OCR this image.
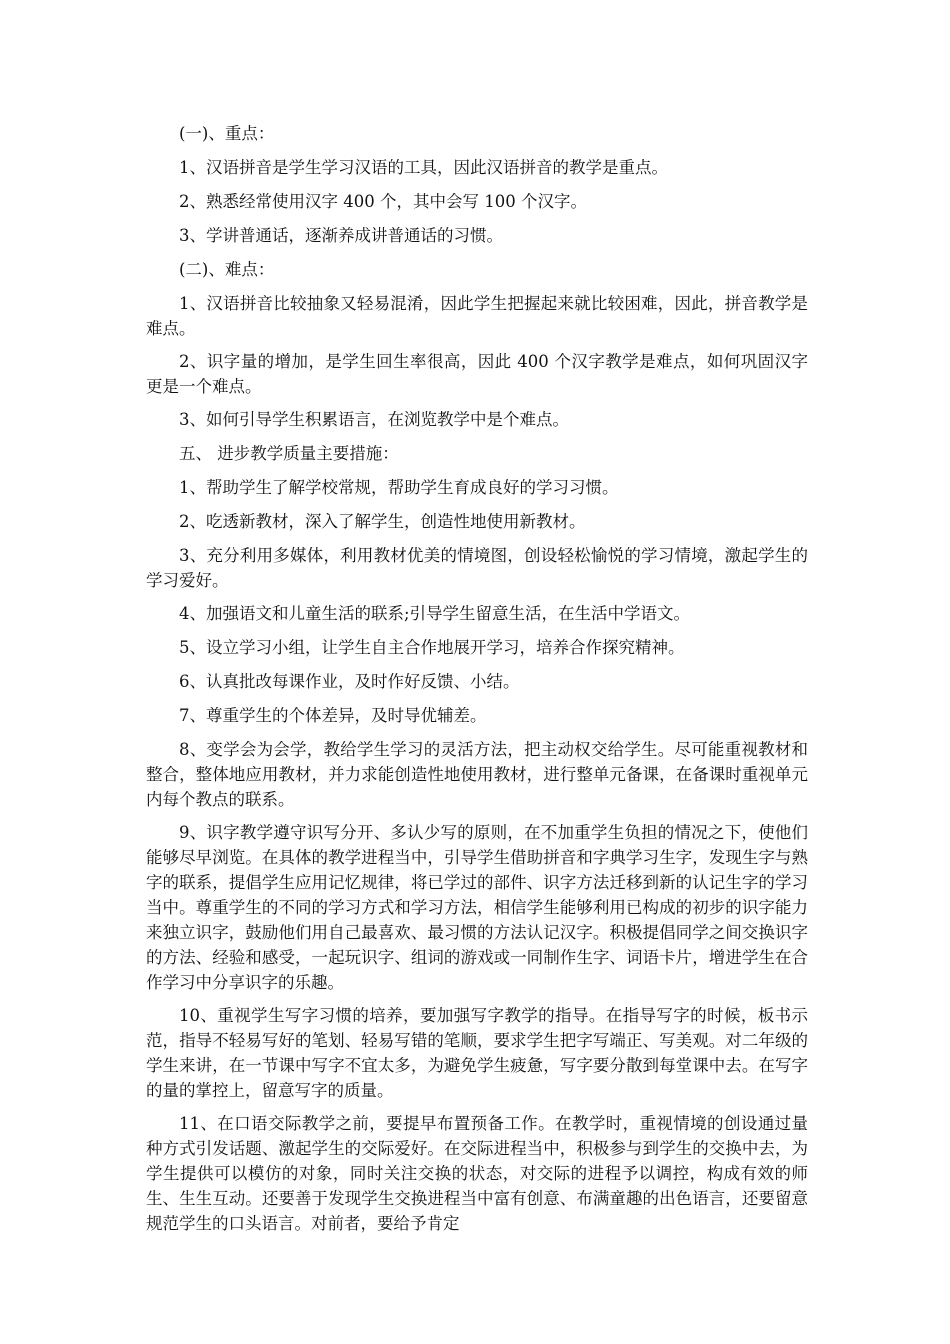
(一)、重点：

1、汉语拼音是学生学习汉语的工具，因此汉语拼音的教学是重点。

2、熟悉经常使用汉字 400 个，其中会写 100 个汉字。

3、学讲普通话，逐渐养成讲普通话的习惯。

(二)、难点：

1、汉语拼音比较抽象又轻易混淆，因此学生把握起来就比较困难，因此，拼音教学是难点。

2、识字量的增加，是学生回生率很高，因此 400 个汉字教学是难点，如何巩固汉字更是一个难点。

3、如何引导学生积累语言，在浏览教学中是个难点。

五、 进步教学质量主要措施：

1、帮助学生了解学校常规，帮助学生育成良好的学习习惯。

2、吃透新教材，深入了解学生，创造性地使用新教材。

3、充分利用多媒体，利用教材优美的情境图，创设轻松愉悦的学习情境，激起学生的学习爱好。

4、加强语文和儿童生活的联系;引导学生留意生活，在生活中学语文。

5、设立学习小组，让学生自主合作地展开学习，培养合作探究精神。

6、认真批改每课作业，及时作好反馈、小结。

7、尊重学生的个体差异，及时导优辅差。

8、变学会为会学，教给学生学习的灵活方法，把主动权交给学生。尽可能重视教材和整合，整体地应用教材，并力求能创造性地使用教材，进行整单元备课，在备课时重视单元内每个教点的联系。

9、识字教学遵守识写分开、多认少写的原则，在不加重学生负担的情况之下，使他们能够尽早浏览。在具体的教学进程当中，引导学生借助拼音和字典学习生字，发现生字与熟字的联系，提倡学生应用记忆规律，将已学过的部件、识字方法迁移到新的认记生字的学习当中。尊重学生的不同的学习方式和学习方法，相信学生能够利用已构成的初步的识字能力来独立识字，鼓励他们用自己最喜欢、最习惯的方法认记汉字。积极提倡同学之间交换识字的方法、经验和感受，一起玩识字、组词的游戏或一同制作生字、词语卡片，增进学生在合作学习中分享识字的乐趣。

10、重视学生写字习惯的培养，要加强写字教学的指导。在指导写字的时候，板书示范，指导不轻易写好的笔划、轻易写错的笔顺，要求学生把字写端正、写美观。对二年级的学生来讲，在一节课中写字不宜太多，为避免学生疲惫，写字要分散到每堂课中去。在写字的量的掌控上，留意写字的质量。

11、在口语交际教学之前，要提早布置预备工作。在教学时，重视情境的创设通过量种方式引发话题、激起学生的交际爱好。在交际进程当中，积极参与到学生的交换中去，为学生提供可以模仿的对象，同时关注交换的状态，对交际的进程予以调控，构成有效的师生、生生互动。还要善于发现学生交换进程当中富有创意、布满童趣的出色语言，还要留意规范学生的口头语言。对前者，要给予肯定
